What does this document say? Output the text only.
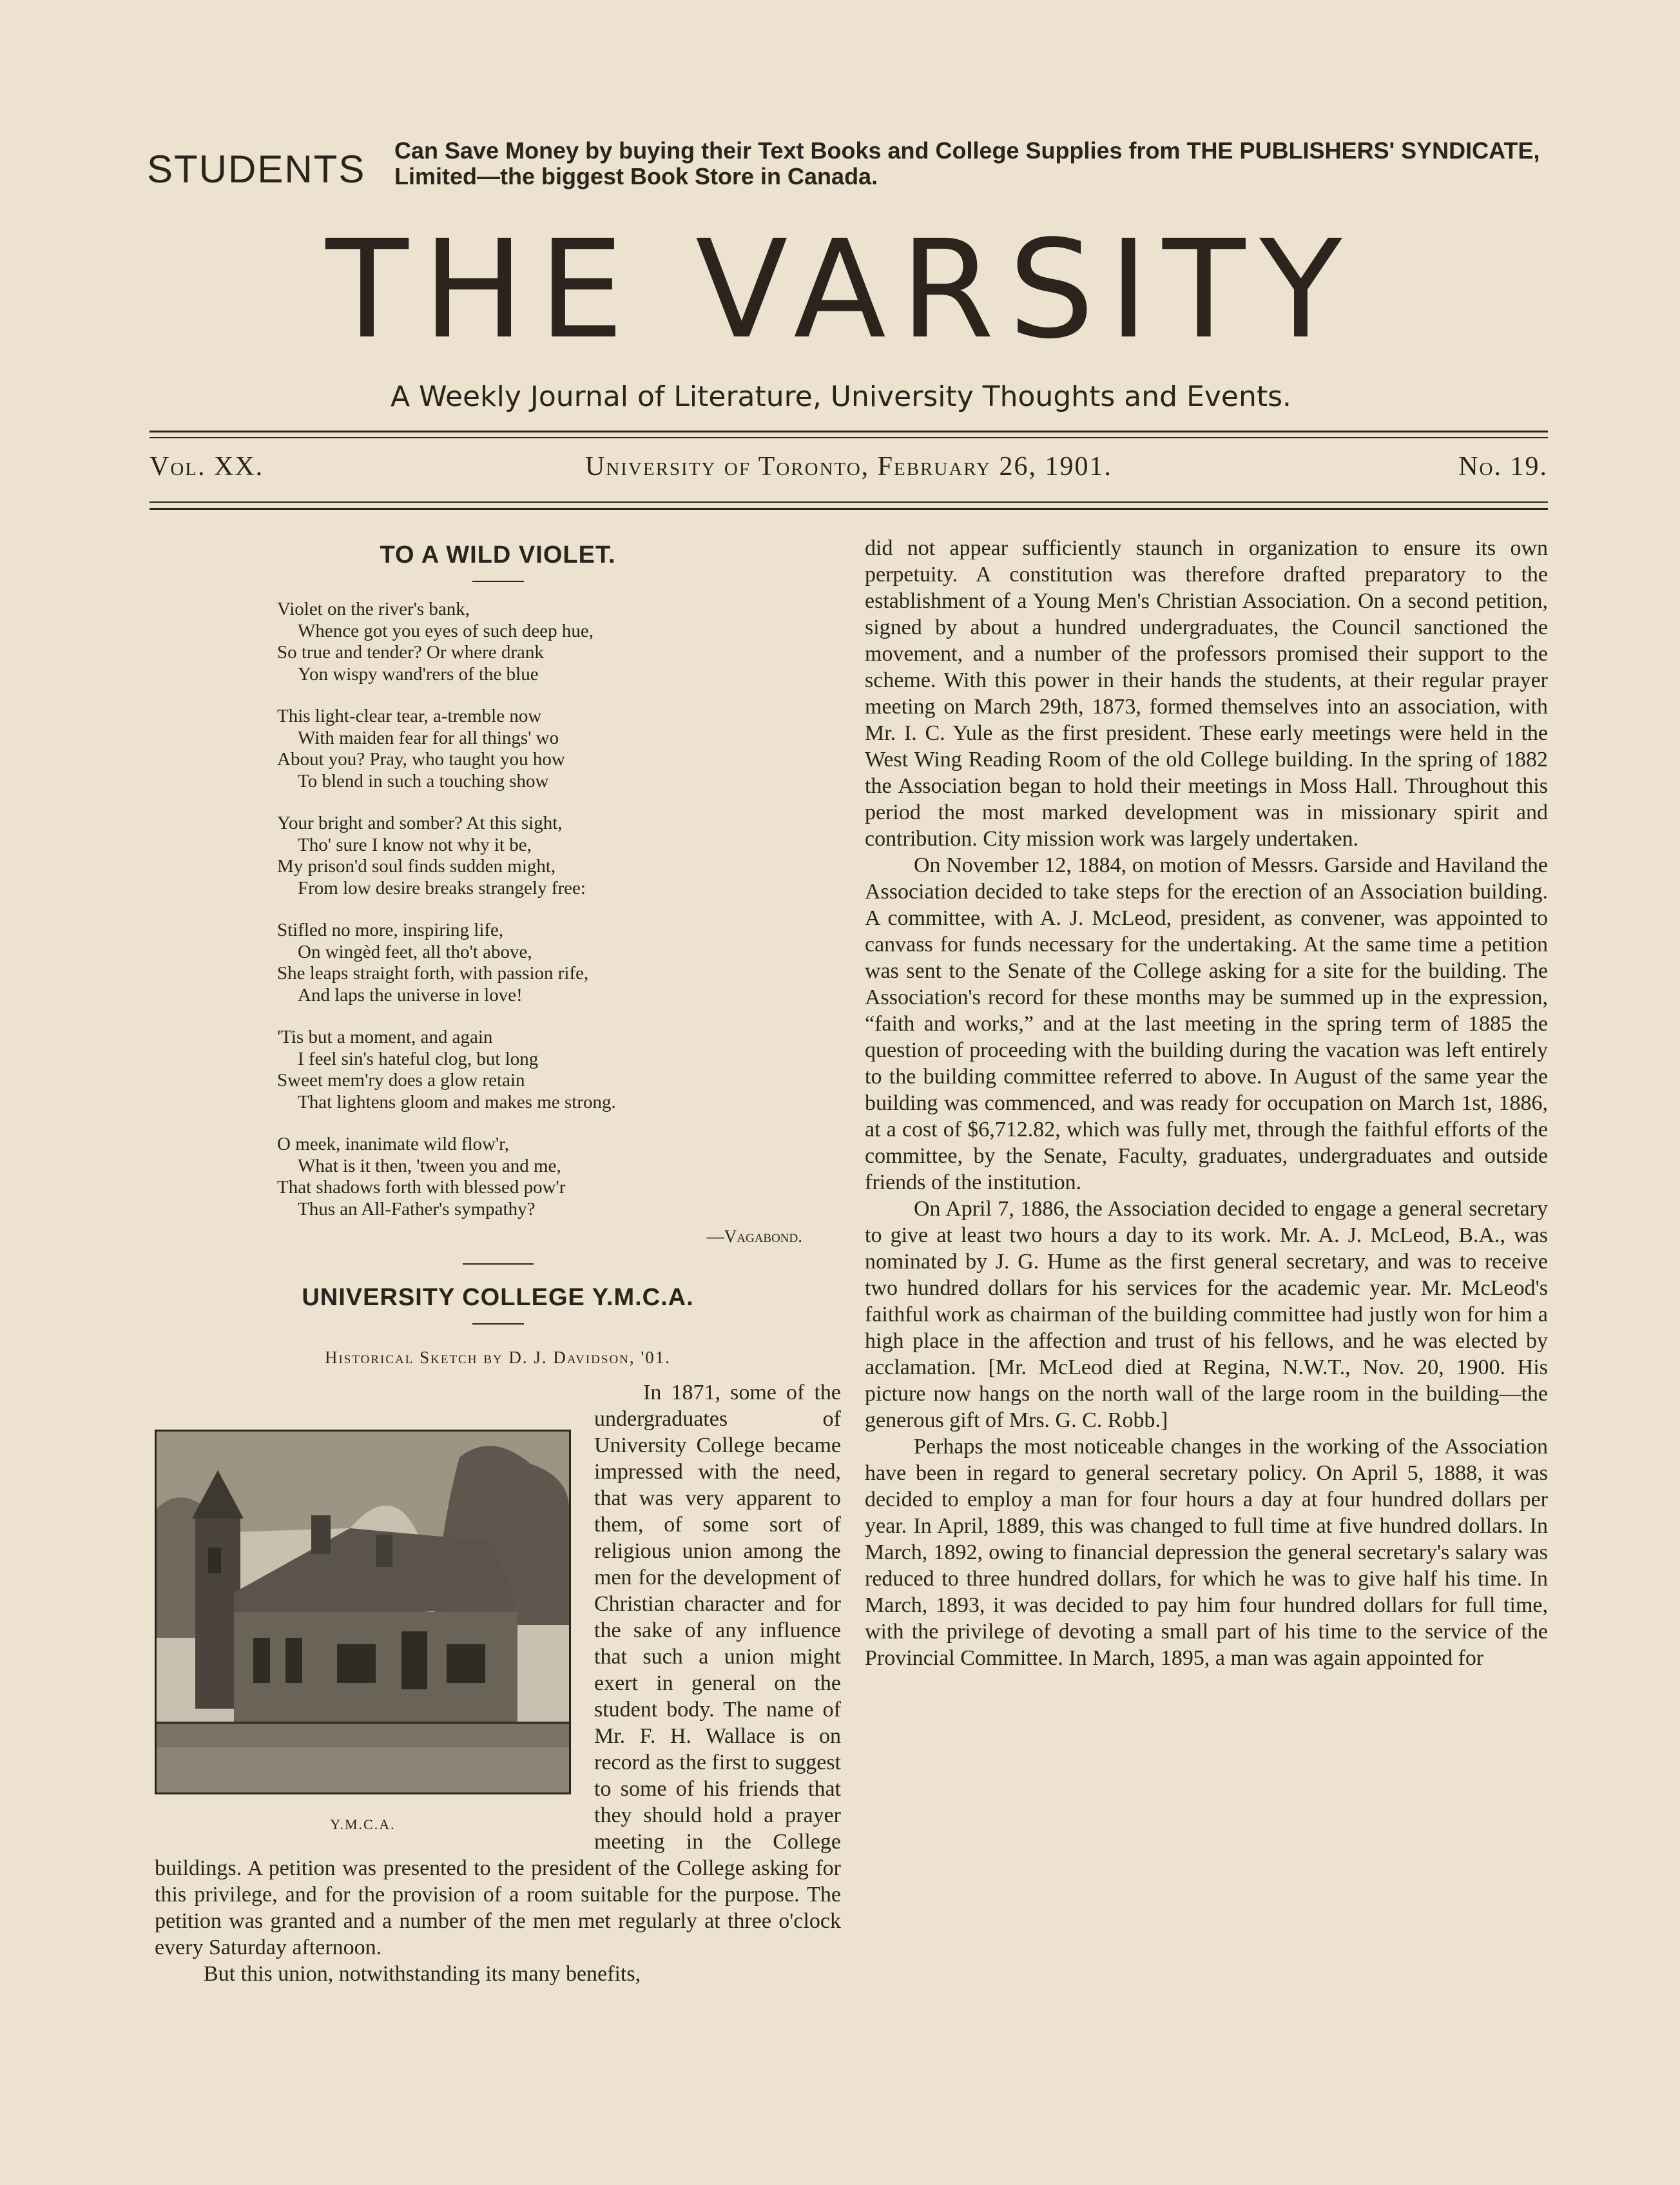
STUDENTS Can Save Money by buying their Text Books and College Supplies from THE PUBLISHERS' SYNDICATE, Limited—the biggest Book Store in Canada.
THE VARSITY
A Weekly Journal of Literature, University Thoughts and Events.
Vol. XX.	University of Toronto, February 26, 1901.	No. 19.
TO A WILD VIOLET.
Violet on the river's bank,
Whence got you eyes of such deep hue,
So true and tender? Or where drank
Yon wispy wand'rers of the blue
This light-clear tear, a-tremble now
With maiden fear for all things' wo
About you? Pray, who taught you how
To blend in such a touching show
Your bright and somber? At this sight,
Tho' sure I know not why it be,
My prison'd soul finds sudden might,
From low desire breaks strangely free:
Stifled no more, inspiring life,
On wingèd feet, all tho't above,
She leaps straight forth, with passion rife,
And laps the universe in love!
'Tis but a moment, and again
I feel sin's hateful clog, but long
Sweet mem'ry does a glow retain
That lightens gloom and makes me strong.
O meek, inanimate wild flow'r,
What is it then, 'tween you and me,
That shadows forth with blessed pow'r
Thus an All-Father's sympathy?
—Vagabond.
UNIVERSITY COLLEGE Y.M.C.A.
Historical Sketch by D. J. Davidson, '01.
Y.M.C.A.

In 1871, some of the undergraduates of University College became impressed with the need, that was very apparent to them, of some sort of religious union among the men for the development of Christian character and for the sake of any influence that such a union might exert in general on the student body. The name of Mr. F. H. Wallace is on record as the first to suggest to some of his friends that they should hold a prayer meeting in the College buildings. A petition was presented to the president of the College asking for this privilege, and for the provision of a room suitable for the purpose. The petition was granted and a number of the men met regularly at three o'clock every Saturday afternoon.

But this union, notwithstanding its many benefits,

did not appear sufficiently staunch in organization to ensure its own perpetuity. A constitution was therefore drafted preparatory to the establishment of a Young Men's Christian Association. On a second petition, signed by about a hundred undergraduates, the Council sanctioned the movement, and a number of the professors promised their support to the scheme. With this power in their hands the students, at their regular prayer meeting on March 29th, 1873, formed themselves into an association, with Mr. I. C. Yule as the first president. These early meetings were held in the West Wing Reading Room of the old College building. In the spring of 1882 the Association began to hold their meetings in Moss Hall. Throughout this period the most marked development was in missionary spirit and contribution. City mission work was largely undertaken.

On November 12, 1884, on motion of Messrs. Garside and Haviland the Association decided to take steps for the erection of an Association building. A committee, with A. J. McLeod, president, as convener, was appointed to canvass for funds necessary for the undertaking. At the same time a petition was sent to the Senate of the College asking for a site for the building. The Association's record for these months may be summed up in the expression, “faith and works,” and at the last meeting in the spring term of 1885 the question of proceeding with the building during the vacation was left entirely to the building committee referred to above. In August of the same year the building was commenced, and was ready for occupation on March 1st, 1886, at a cost of $6,712.82, which was fully met, through the faithful efforts of the committee, by the Senate, Faculty, graduates, undergraduates and outside friends of the institution.

On April 7, 1886, the Association decided to engage a general secretary to give at least two hours a day to its work. Mr. A. J. McLeod, B.A., was nominated by J. G. Hume as the first general secretary, and was to receive two hundred dollars for his services for the academic year. Mr. McLeod's faithful work as chairman of the building committee had justly won for him a high place in the affection and trust of his fellows, and he was elected by acclamation. [Mr. McLeod died at Regina, N.W.T., Nov. 20, 1900. His picture now hangs on the north wall of the large room in the building—the generous gift of Mrs. G. C. Robb.]

Perhaps the most noticeable changes in the working of the Association have been in regard to general secretary policy. On April 5, 1888, it was decided to employ a man for four hours a day at four hundred dollars per year. In April, 1889, this was changed to full time at five hundred dollars. In March, 1892, owing to financial depression the general secretary's salary was reduced to three hundred dollars, for which he was to give half his time. In March, 1893, it was decided to pay him four hundred dollars for full time, with the privilege of devoting a small part of his time to the service of the Provincial Committee. In March, 1895, a man was again appointed for
